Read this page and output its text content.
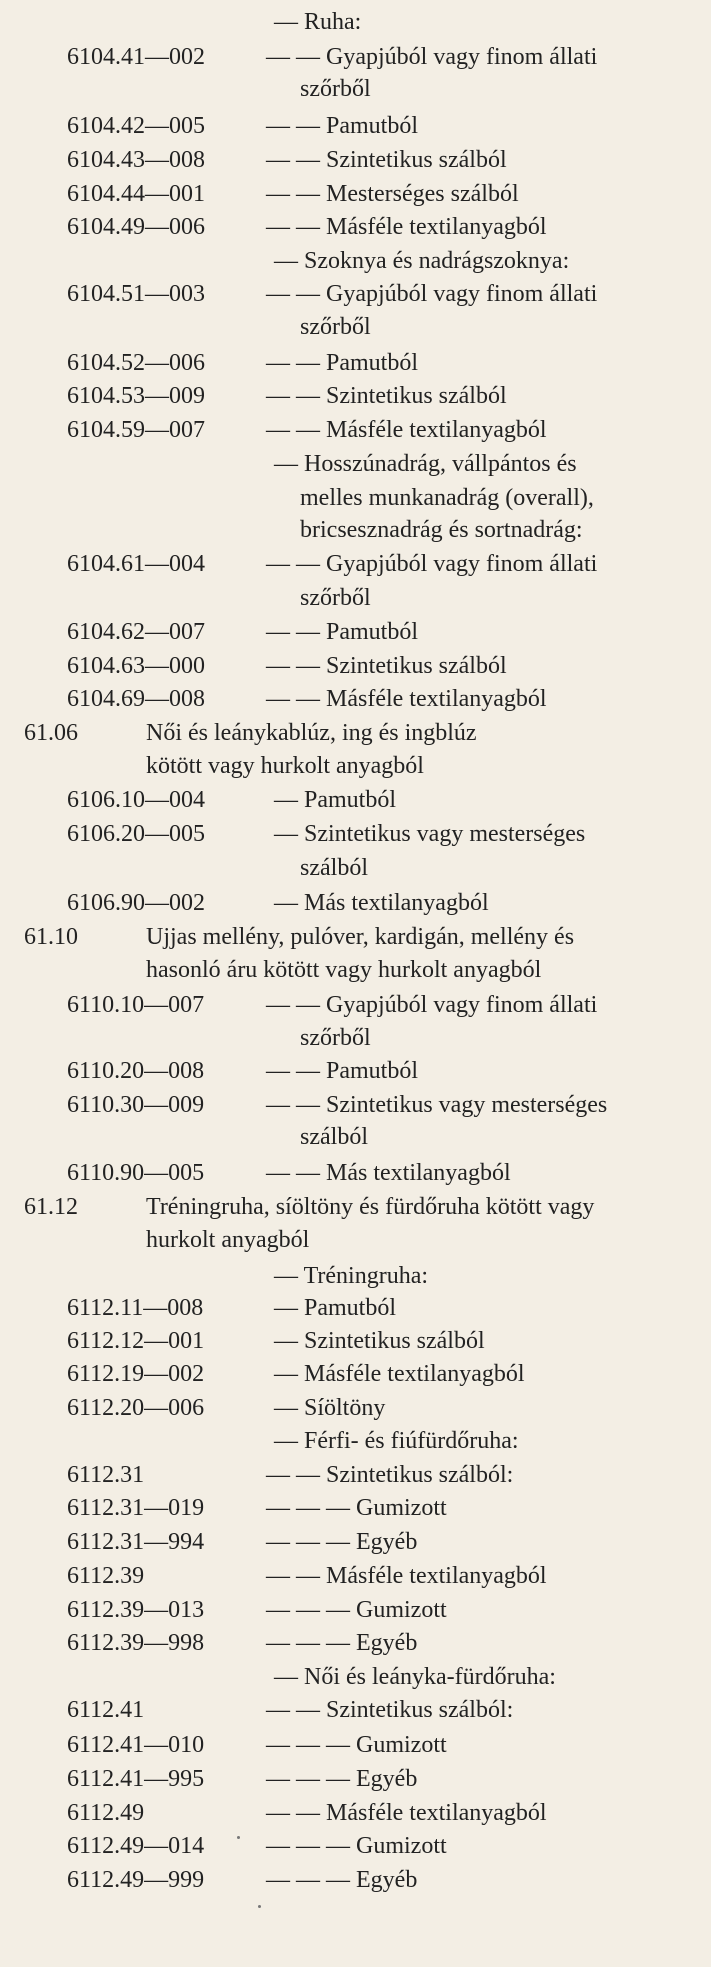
— Ruha:
6104.41—002	— — Gyapjúból vagy finom állati
szőrből
6104.42—005	— — Pamutból
6104.43—008	— — Szintetikus szálból
6104.44—001	— — Mesterséges szálból
6104.49—006	— — Másféle textilanyagból
— Szoknya és nadrágszoknya:
6104.51—003	— — Gyapjúból vagy finom állati
szőrből
6104.52—006	— — Pamutból
6104.53—009	— — Szintetikus szálból
6104.59—007	— — Másféle textilanyagból
— Hosszúnadrág, vállpántos és
melles munkanadrág (overall),
bricsesznadrág és sortnadrág:
6104.61—004	— — Gyapjúból vagy finom állati
szőrből
6104.62—007	— — Pamutból
6104.63—000	— — Szintetikus szálból
6104.69—008	— — Másféle textilanyagból
61.06	Női és leánykablúz, ing és ingblúz
kötött vagy hurkolt anyagból
6106.10—004	— Pamutból
6106.20—005	— Szintetikus vagy mesterséges
szálból
6106.90—002	— Más textilanyagból
61.10	Ujjas mellény, pulóver, kardigán, mellény és
hasonló áru kötött vagy hurkolt anyagból
6110.10—007	— — Gyapjúból vagy finom állati
szőrből
6110.20—008	— — Pamutból
6110.30—009	— — Szintetikus vagy mesterséges
szálból
6110.90—005	— — Más textilanyagból
61.12	Tréningruha, síöltöny és fürdőruha kötött vagy
hurkolt anyagból
— Tréningruha:
6112.11—008	— Pamutból
6112.12—001	— Szintetikus szálból
6112.19—002	— Másféle textilanyagból
6112.20—006	— Síöltöny
— Férfi- és fiúfürdőruha:
6112.31	— — Szintetikus szálból:
6112.31—019	— — — Gumizott
6112.31—994	— — — Egyéb
6112.39	— — Másféle textilanyagból
6112.39—013	— — — Gumizott
6112.39—998	— — — Egyéb
— Női és leányka-fürdőruha:
6112.41	— — Szintetikus szálból:
6112.41—010	— — — Gumizott
6112.41—995	— — — Egyéb
6112.49	— — Másféle textilanyagból
6112.49—014	— — — Gumizott
6112.49—999	— — — Egyéb
